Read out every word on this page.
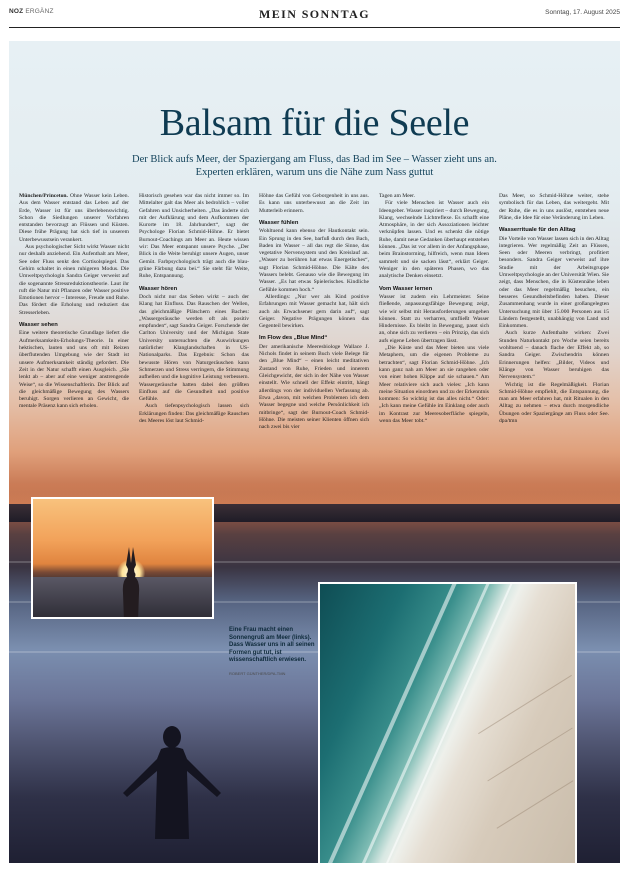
NOZ ERGÄNZ	MEIN SONNTAG	Sonntag, 17. August 2025
Balsam für die Seele

Der Blick aufs Meer, der Spaziergang am Fluss, das Bad im See – Wasser zieht uns an. Experten erklären, warum uns die Nähe zum Nass guttut

München/Princeton. Ohne Wasser kein Leben. Aus dem Wasser entstand das Leben auf der Erde, Wasser ist für uns überlebenswichtig. Schon die Siedlungen unserer Vorfahren entstanden bevorzugt an Flüssen und Küsten. Diese frühe Prägung hat sich tief in unserem Unterbewusstsein verankert.

Aus psychologischer Sicht wirkt Wasser nicht nur deshalb anziehend. Ein Aufenthalt am Meer, See oder Fluss senkt den Cortisolspiegel. Das Gehirn schaltet in einen ruhigeren Modus. Die Umweltpsychologin Sandra Geiger verweist auf die sogenannte Stressreduktionstheorie. Laut ihr ruft die Natur mit Pflanzen oder Wasser positive Emotionen hervor – Interesse, Freude und Ruhe. Das fördert die Erholung und reduziert das Stresserleben.

Wasser sehen

Eine weitere theoretische Grundlage liefert die Aufmerksamkeits-Erholungs-Theorie. In einer hektischen, lauten und uns oft mit Reizen überflutenden Umgebung wie der Stadt ist unsere Aufmerksamkeit ständig gefordert. Die Zeit in der Natur schafft einen Ausgleich. „Sie lenkt ab – aber auf eine weniger anstrengende Weise“, so die Wissenschaftlerin. Der Blick auf die gleichmäßige Bewegung des Wassers beruhigt. Sorgen verlieren an Gewicht, die mentale Präsenz kann sich erholen.

Historisch gesehen war das nicht immer so. Im Mittelalter galt das Meer als bedrohlich – voller Gefahren und Unsicherheiten. „Das änderte sich mit der Aufklärung und dem Aufkommen der Kurorte im 18. Jahrhundert“, sagt der Psychologe Florian Schmid-Höhne. Er bietet Burnout-Coachings am Meer an. Heute wissen wir: Das Meer entspannt unsere Psyche. „Der Blick in die Weite beruhigt unsere Augen, unser Gemüt. Farbpsychologisch trägt auch die blau-grüne Färbung dazu bei.“ Sie steht für Weite, Ruhe, Entspannung.

Wasser hören

Doch nicht nur das Sehen wirkt – auch der Klang hat Einfluss. Das Rauschen der Wellen, das gleichmäßige Plätschern eines Baches: „Wassergeräusche werden oft als positiv empfunden“, sagt Sandra Geiger. Forschende der Carlton University und der Michigan State University untersuchten die Auswirkungen natürlicher Klanglandschaften in US-Nationalparks. Das Ergebnis: Schon das bewusste Hören von Naturgeräuschen kann Schmerzen und Stress verringern, die Stimmung aufhellen und die kognitive Leistung verbessern. Wassergeräusche hatten dabei den größten Einfluss auf die Gesundheit und positive Gefühle.

Auch tiefenpsychologisch lassen sich Erklärungen finden: Das gleichmäßige Rauschen des Meeres löst laut Schmid-

Höhne das Gefühl von Geborgenheit in uns aus. Es kann uns unterbewusst an die Zeit im Mutterleib erinnern.

Wasser fühlen

Wohltuend kann ebenso der Hautkontakt sein. Ein Sprung in den See, barfuß durch den Bach, Baden im Wasser – all das regt die Sinne, das vegetative Nervensystem und den Kreislauf an. „Wasser zu berühren hat etwas Energetisches“, sagt Florian Schmid-Höhne. Die Kälte des Wassers belebt. Genauso wie die Bewegung im Wasser. „Es hat etwas Spielerisches. Kindliche Gefühle kommen hoch.“

Allerdings: „Nur wer als Kind positive Erfahrungen mit Wasser gemacht hat, hält sich auch als Erwachsener gern darin auf“, sagt Geiger. Negative Prägungen können das Gegenteil bewirken.

Im Flow des „Blue Mind“

Der amerikanische Meeresbiologe Wallace J. Nichols findet in seinem Buch viele Belege für den „Blue Mind“ – einen leicht meditativen Zustand von Ruhe, Frieden und innerem Gleichgewicht, der sich in der Nähe von Wasser einstellt. Wie schnell der Effekt eintritt, hängt allerdings von der individuellen Verfassung ab. Etwa „davon, mit welchen Problemen ich dem Wasser begegne und welche Persönlichkeit ich mitbringe“, sagt der Burnout-Coach Schmid-Höhne. Die meisten seiner Klienten öffnen sich nach zwei bis vier

Tagen am Meer.

Für viele Menschen ist Wasser auch ein Ideengeber. Wasser inspiriert – durch Bewegung, Klang, wechselnde Lichtreflexe. Es schafft eine Atmosphäre, in der sich Assoziationen leichter verknüpfen lassen. Und es schenkt die nötige Ruhe, damit neue Gedanken überhaupt entstehen können. „Das ist vor allem in der Anfangsphase, beim Brainstorming, hilfreich, wenn man Ideen sammelt und sie sacken lässt“, erklärt Geiger. Weniger in den späteren Phasen, wo das analytische Denken einsetzt.

Vom Wasser lernen

Wasser ist zudem ein Lehrmeister. Seine fließende, anpassungsfähige Bewegung zeigt, wie wir selbst mit Herausforderungen umgehen können. Statt zu verharren, umfließt Wasser Hindernisse. Es bleibt in Bewegung, passt sich an, ohne sich zu verlieren – ein Prinzip, das sich aufs eigene Leben übertragen lässt.

„Die Küste und das Meer bieten uns viele Metaphern, um die eigenen Probleme zu betrachten“, sagt Florian Schmid-Höhne. „Ich kann ganz nah am Meer an sie rangehen oder von einer hohen Klippe auf sie schauen.“ Am Meer relativiere sich auch vieles: „Ich kann meine Situation einordnen und zu der Erkenntnis kommen: So wichtig ist das alles nicht.“ Oder: „Ich kann meine Gefühle im Einklang oder auch im Kontrast zur Meeresoberfläche spiegeln, wenn das Meer tobt.“

Das Meer, so Schmid-Höhne weiter, stehe symbolisch für das Leben, das weitergeht. Mit der Ruhe, die es in uns auslöst, entstehen neue Pläne, die Idee für eine Veränderung im Leben.

Wasserrituale für den Alltag

Die Vorteile von Wasser lassen sich in den Alltag integrieren. Wer regelmäßig Zeit an Flüssen, Seen oder Meeren verbringt, profitiert besonders. Sandra Geiger verweist auf ihre Studie mit der Arbeitsgruppe Umweltpsychologie an der Universität Wien. Sie zeigt, dass Menschen, die in Küstennähe leben oder das Meer regelmäßig besuchen, ein besseres Gesundheitsbefinden haben. Dieser Zusammenhang wurde in einer großangelegten Untersuchung mit über 15.000 Personen aus 15 Ländern festgestellt, unabhängig von Land und Einkommen.

Auch kurze Aufenthalte wirken: Zwei Stunden Naturkontakt pro Woche seien bereits wohltuend – danach flache der Effekt ab, so Sandra Geiger. Zwischendrin können Erinnerungen helfen: „Bilder, Videos und Klänge von Wasser beruhigen das Nervensystem.“

Wichtig ist die Regelmäßigkeit. Florian Schmid-Höhne empfiehlt, die Entspannung, die man am Meer erfahren hat, mit Ritualen in den Alltag zu nehmen – etwa durch morgendliche Übungen oder Spaziergänge am Fluss oder See. dpa/tmn

Eine Frau macht einen Sonnengruß am Meer (links). Dass Wasser uns in all seinen Formen gut tut, ist wissenschaftlich erwiesen.
ROBERT GÜNTHER/DPA-TMN
